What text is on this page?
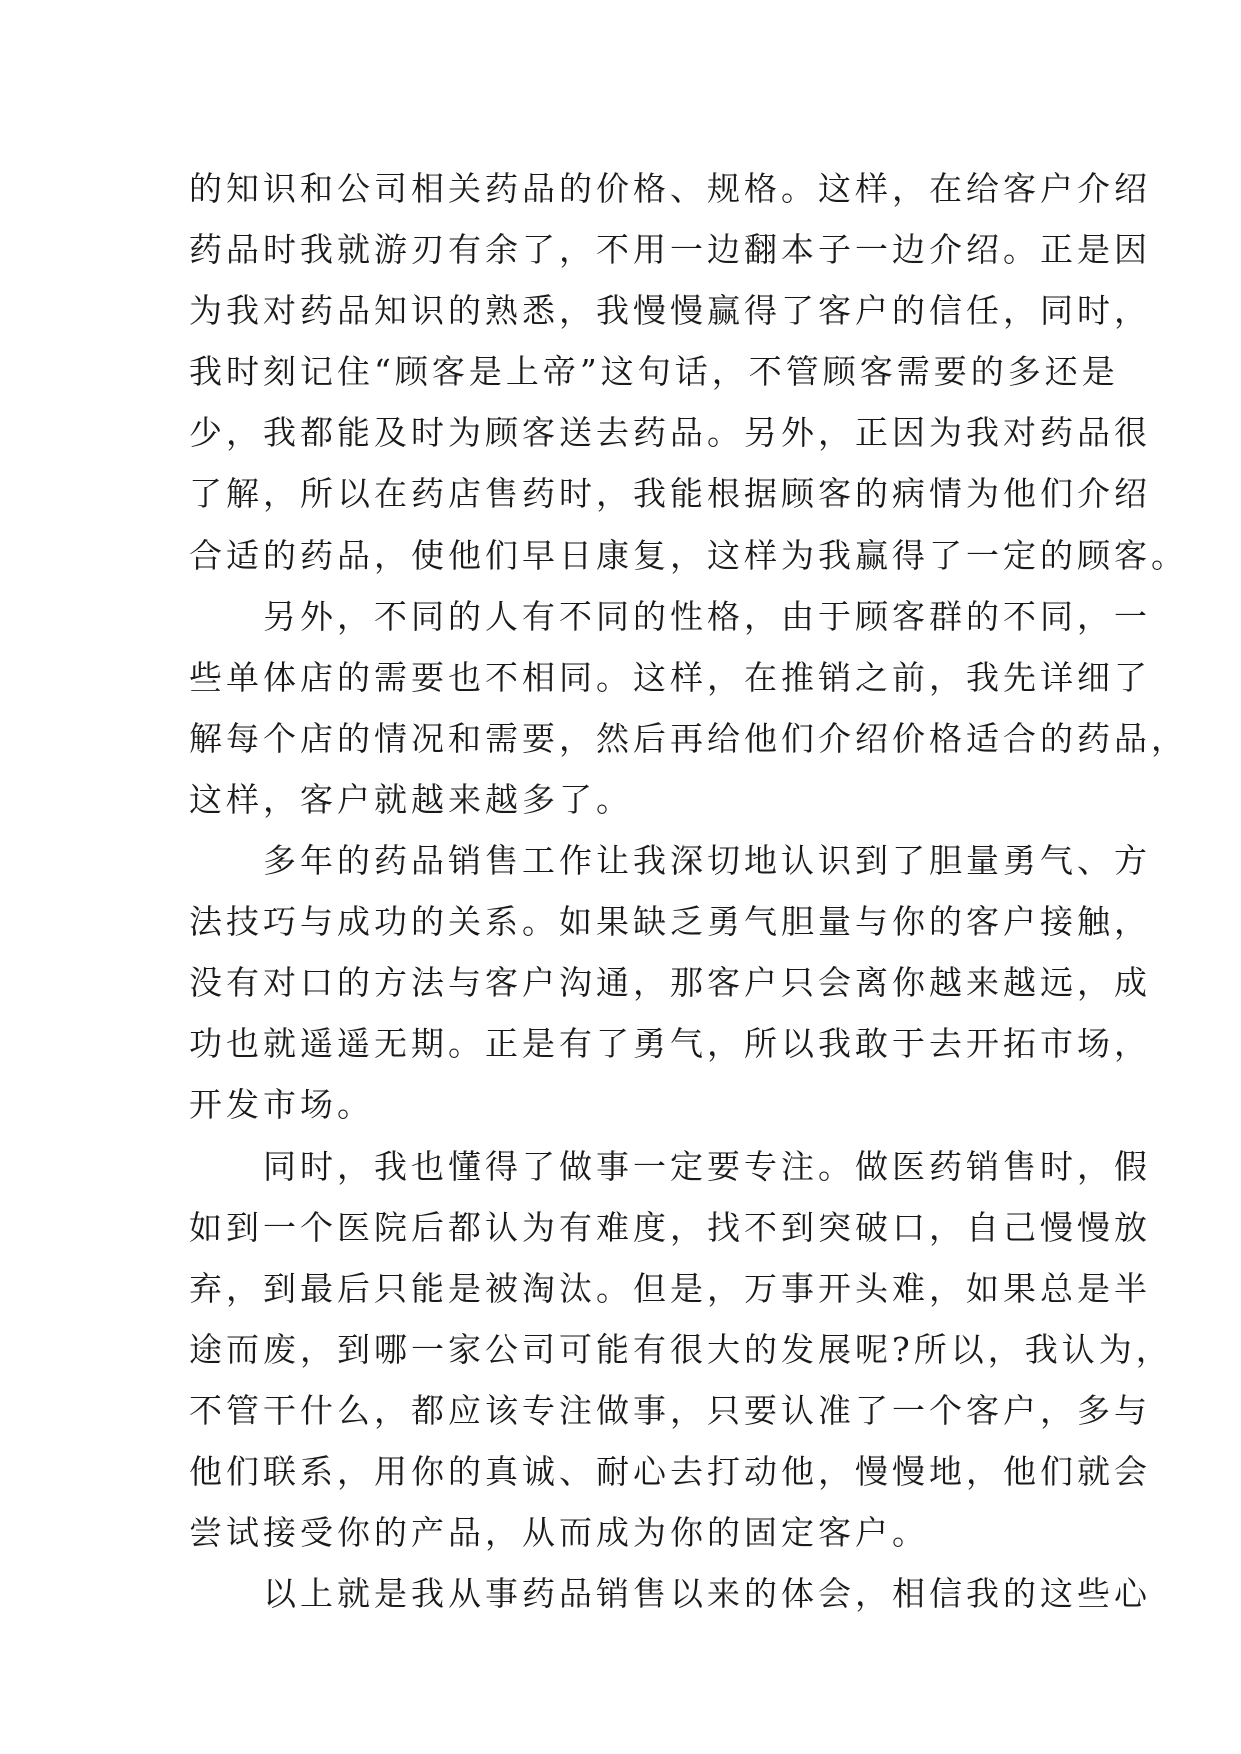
的知识和公司相关药品的价格、规格。这样，在给客户介绍
药品时我就游刃有余了，不用一边翻本子一边介绍。正是因
为我对药品知识的熟悉，我慢慢赢得了客户的信任，同时，
我时刻记住“顾客是上帝”这句话，不管顾客需要的多还是
少，我都能及时为顾客送去药品。另外，正因为我对药品很
了解，所以在药店售药时，我能根据顾客的病情为他们介绍
合适的药品，使他们早日康复，这样为我赢得了一定的顾客。
　　另外，不同的人有不同的性格，由于顾客群的不同，一
些单体店的需要也不相同。这样，在推销之前，我先详细了
解每个店的情况和需要，然后再给他们介绍价格适合的药品，
这样，客户就越来越多了。
　　多年的药品销售工作让我深切地认识到了胆量勇气、方
法技巧与成功的关系。如果缺乏勇气胆量与你的客户接触，
没有对口的方法与客户沟通，那客户只会离你越来越远，成
功也就遥遥无期。正是有了勇气，所以我敢于去开拓市场，
开发市场。
　　同时，我也懂得了做事一定要专注。做医药销售时，假
如到一个医院后都认为有难度，找不到突破口，自己慢慢放
弃，到最后只能是被淘汰。但是，万事开头难，如果总是半
途而废，到哪一家公司可能有很大的发展呢?所以，我认为，
不管干什么，都应该专注做事，只要认准了一个客户，多与
他们联系，用你的真诚、耐心去打动他，慢慢地，他们就会
尝试接受你的产品，从而成为你的固定客户。
　　以上就是我从事药品销售以来的体会，相信我的这些心
